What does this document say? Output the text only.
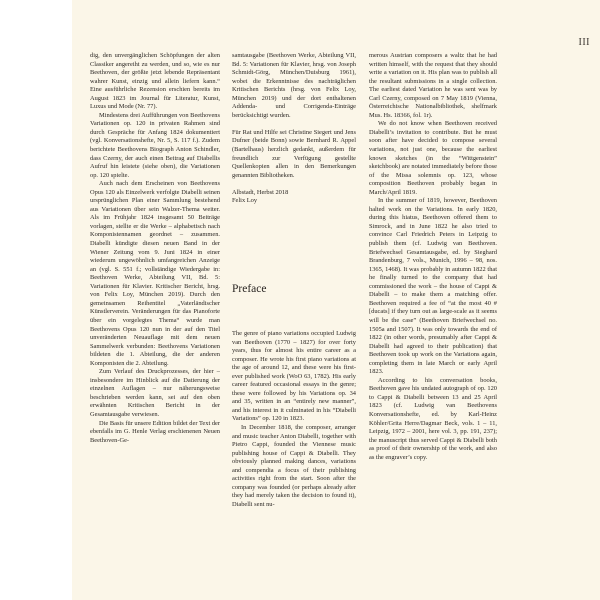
III

dig, den unvergänglichen Schöpfungen der alten Classiker angereiht zu werden, und so, wie es nur Beethoven, der größte jetzt lebende Repräsentant wahrer Kunst, einzig und allein liefern kann.“ Eine ausführliche Rezension erschien bereits im August 1823 im Journal für Literatur, Kunst, Luxus und Mode (Nr. 77).

Mindestens drei Aufführungen von Beethovens Variationen op. 120 in privaten Rahmen sind durch Gespräche für Anfang 1824 dokumentiert (vgl. Konversationshefte, Nr. 5, S. 117 f.). Zudem berichtete Beethovens Biograph Anton Schindler, dass Czerny, der auch einen Beitrag auf Diabellis Aufruf hin leistete (siehe oben), die Variationen op. 120 spielte.

Auch nach dem Erscheinen von Beethovens Opus 120 als Einzelwerk verfolgte Diabelli seinen ursprünglichen Plan einer Sammlung bestehend aus Variationen über sein Walzer-Thema weiter. Als im Frühjahr 1824 insgesamt 50 Beiträge vorlagen, stellte er die Werke – alphabetisch nach Komponistennamen geordnet – zusammen. Diabelli kündigte diesen neuen Band in der Wiener Zeitung vom 9. Juni 1824 in einer wiederum ungewöhnlich umfangreichen Anzeige an (vgl. S. 551 f.; vollständige Wiedergabe in: Beethoven Werke, Abteilung VII, Bd. 5: Variationen für Klavier. Kritischer Bericht, hrsg. von Felix Loy, München 2019). Durch den gemeinsamen Reihentitel „Vaterländischer Künstlerverein. Veränderungen für das Pianoforte über ein vorgelegtes Thema“ wurde man Beethovens Opus 120 nun in der auf den Titel unveränderten Neuauflage mit dem neuen Sammelwerk verbunden: Beethovens Variationen bildeten die 1. Abteilung, die der anderen Komponisten die 2. Abteilung.

Zum Verlauf des Druckprozesses, der hier – insbesondere im Hinblick auf die Datierung der einzelnen Auflagen – nur näherungsweise beschrieben werden kann, sei auf den oben erwähnten Kritischen Bericht in der Gesamtausgabe verwiesen.

Die Basis für unsere Edition bildet der Text der ebenfalls im G. Henle Verlag erschienenen Neuen Beethoven-Ge-

samtausgabe (Beethoven Werke, Abteilung VII, Bd. 5: Variationen für Klavier, hrsg. von Joseph Schmidt-Görg, München/Duisburg 1961), wobei die Erkenntnisse des nachträglichen Kritischen Berichts (hrsg. von Felix Loy, München 2019) und der dort enthaltenen Addenda- und Corrigenda-Einträge berücksichtigt wurden.

Für Rat und Hilfe sei Christine Siegert und Jens Dufner (beide Bonn) sowie Bernhard R. Appel (Bartelhaus) herzlich gedankt, außerdem für freundlich zur Verfügung gestellte Quellenkopien allen in den Bemerkungen genannten Bibliotheken.

Albstadt, Herbst 2018

Felix Loy

Preface

The genre of piano variations occupied Ludwig van Beethoven (1770 – 1827) for over forty years, thus for almost his entire career as a composer. He wrote his first piano variations at the age of around 12, and these were his first-ever published work (WoO 63, 1782). His early career featured occasional essays in the genre; these were followed by his Variations op. 34 and 35, written in an “entirely new manner”, and his interest in it culminated in his “Diabelli Variations” op. 120 in 1823.

In December 1818, the composer, arranger and music teacher Anton Diabelli, together with Pietro Cappi, founded the Viennese music publishing house of Cappi & Diabelli. They obviously planned making dances, variations and compendia a focus of their publishing activities right from the start. Soon after the company was founded (or perhaps already after they had merely taken the decision to found it), Diabelli sent nu-

merous Austrian composers a waltz that he had written himself, with the request that they should write a variation on it. His plan was to publish all the resultant submissions in a single collection. The earliest dated Variation he was sent was by Carl Czerny, composed on 7 May 1819 (Vienna, Österreichische Nationalbibliothek, shelfmark Mus. Hs. 18366, fol. 1r).

We do not know when Beethoven received Diabelli’s invitation to contribute. But he must soon after have decided to compose several variations, not just one, because the earliest known sketches (in the “Wittgenstein” sketchbook) are notated immediately before those of the Missa solemnis op. 123, whose composition Beethoven probably began in March/April 1819.

In the summer of 1819, however, Beethoven halted work on the Variations. In early 1820, during this hiatus, Beethoven offered them to Simrock, and in June 1822 he also tried to convince Carl Friedrich Peters in Leipzig to publish them (cf. Ludwig van Beethoven. Briefwechsel Gesamtausgabe, ed. by Sieghard Brandenburg, 7 vols., Munich, 1996 – 98, nos. 1365, 1468). It was probably in autumn 1822 that he finally turned to the company that had commissioned the work – the house of Cappi & Diabelli – to make them a matching offer. Beethoven required a fee of “at the most 40 # [ducats] if they turn out as large-scale as it seems will be the case” (Beethoven Briefwechsel no. 1505a and 1507). It was only towards the end of 1822 (in other words, presumably after Cappi & Diabelli had agreed to their publication) that Beethoven took up work on the Variations again, completing them in late March or early April 1823.

According to his conversation books, Beethoven gave his undated autograph of op. 120 to Cappi & Diabelli between 13 and 25 April 1823 (cf. Ludwig van Beethovens Konversationshefte, ed. by Karl-Heinz Köhler/Grita Herre/Dagmar Beck, vols. 1 – 11, Leipzig, 1972 – 2001, here vol. 3, pp. 191, 237); the manuscript thus served Cappi & Diabelli both as proof of their ownership of the work, and also as the engraver’s copy.
